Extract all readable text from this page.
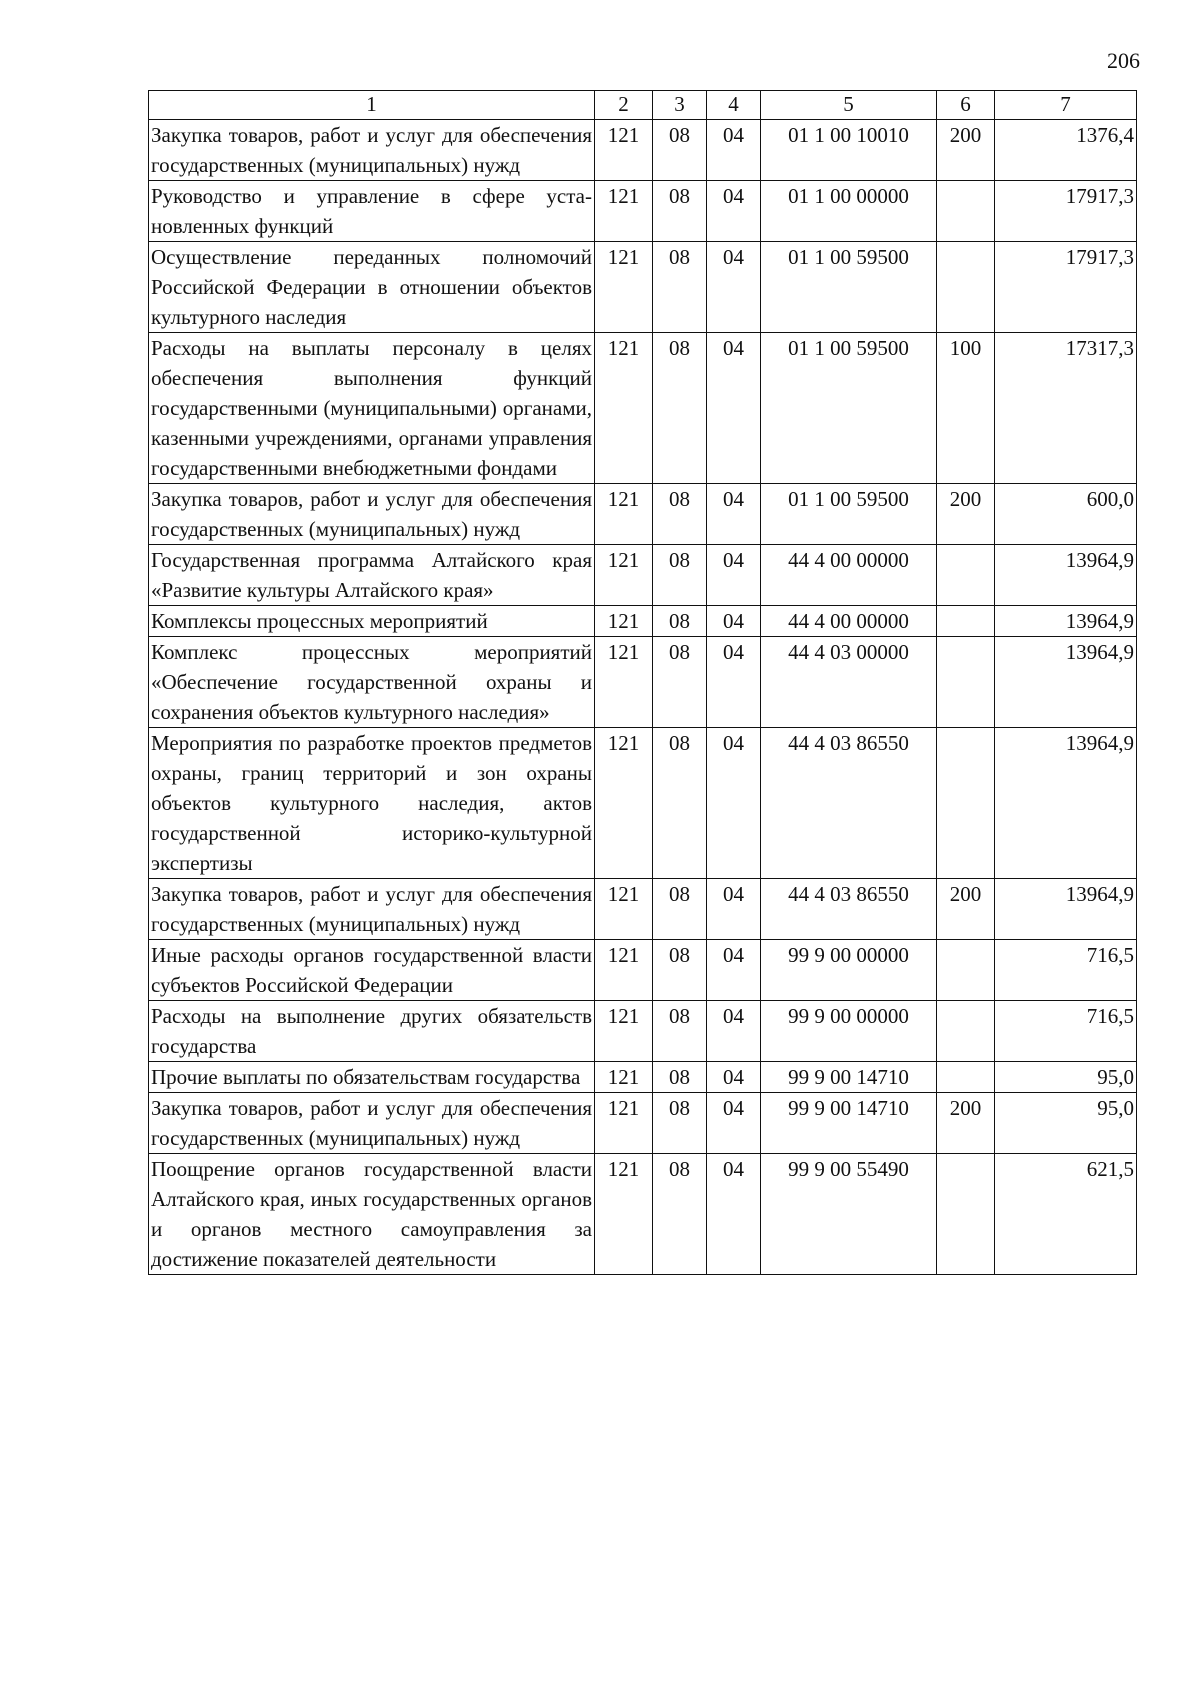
206
1	2	3	4	5	6	7
Закупка товаров, работ и услуг для обеспечения государственных (муниципальных) нужд	121	08	04	01 1 00 10010	200	1376,4
Руководство и управление в сфере установленных функций	121	08	04	01 1 00 00000		17917,3
Осуществление переданных полномочий Российской Федерации в отношении объектов культурного наследия	121	08	04	01 1 00 59500		17917,3
Расходы на выплаты персоналу в целях обеспечения выполнения функций государственными (муниципальными) органами, казенными учреждениями, органами управления государственными внебюджетными фондами	121	08	04	01 1 00 59500	100	17317,3
Закупка товаров, работ и услуг для обеспечения государственных (муниципальных) нужд	121	08	04	01 1 00 59500	200	600,0
Государственная программа Алтайского края «Развитие культуры Алтайского края»	121	08	04	44 4 00 00000		13964,9
Комплексы процессных мероприятий	121	08	04	44 4 00 00000		13964,9
Комплекс процессных мероприятий «Обеспечение государственной охраны и сохранения объектов культурного наследия»	121	08	04	44 4 03 00000		13964,9
Мероприятия по разработке проектов предметов охраны, границ территорий и зон охраны объектов культурного наследия, актов государственной историко-культурной экспертизы	121	08	04	44 4 03 86550		13964,9
Закупка товаров, работ и услуг для обеспечения государственных (муниципальных) нужд	121	08	04	44 4 03 86550	200	13964,9
Иные расходы органов государственной власти субъектов Российской Федерации	121	08	04	99 9 00 00000		716,5
Расходы на выполнение других обязательств государства	121	08	04	99 9 00 00000		716,5
Прочие выплаты по обязательствам государства	121	08	04	99 9 00 14710		95,0
Закупка товаров, работ и услуг для обеспечения государственных (муниципальных) нужд	121	08	04	99 9 00 14710	200	95,0
Поощрение органов государственной власти Алтайского края, иных государственных органов и органов местного самоуправления за достижение показателей деятельности	121	08	04	99 9 00 55490		621,5
